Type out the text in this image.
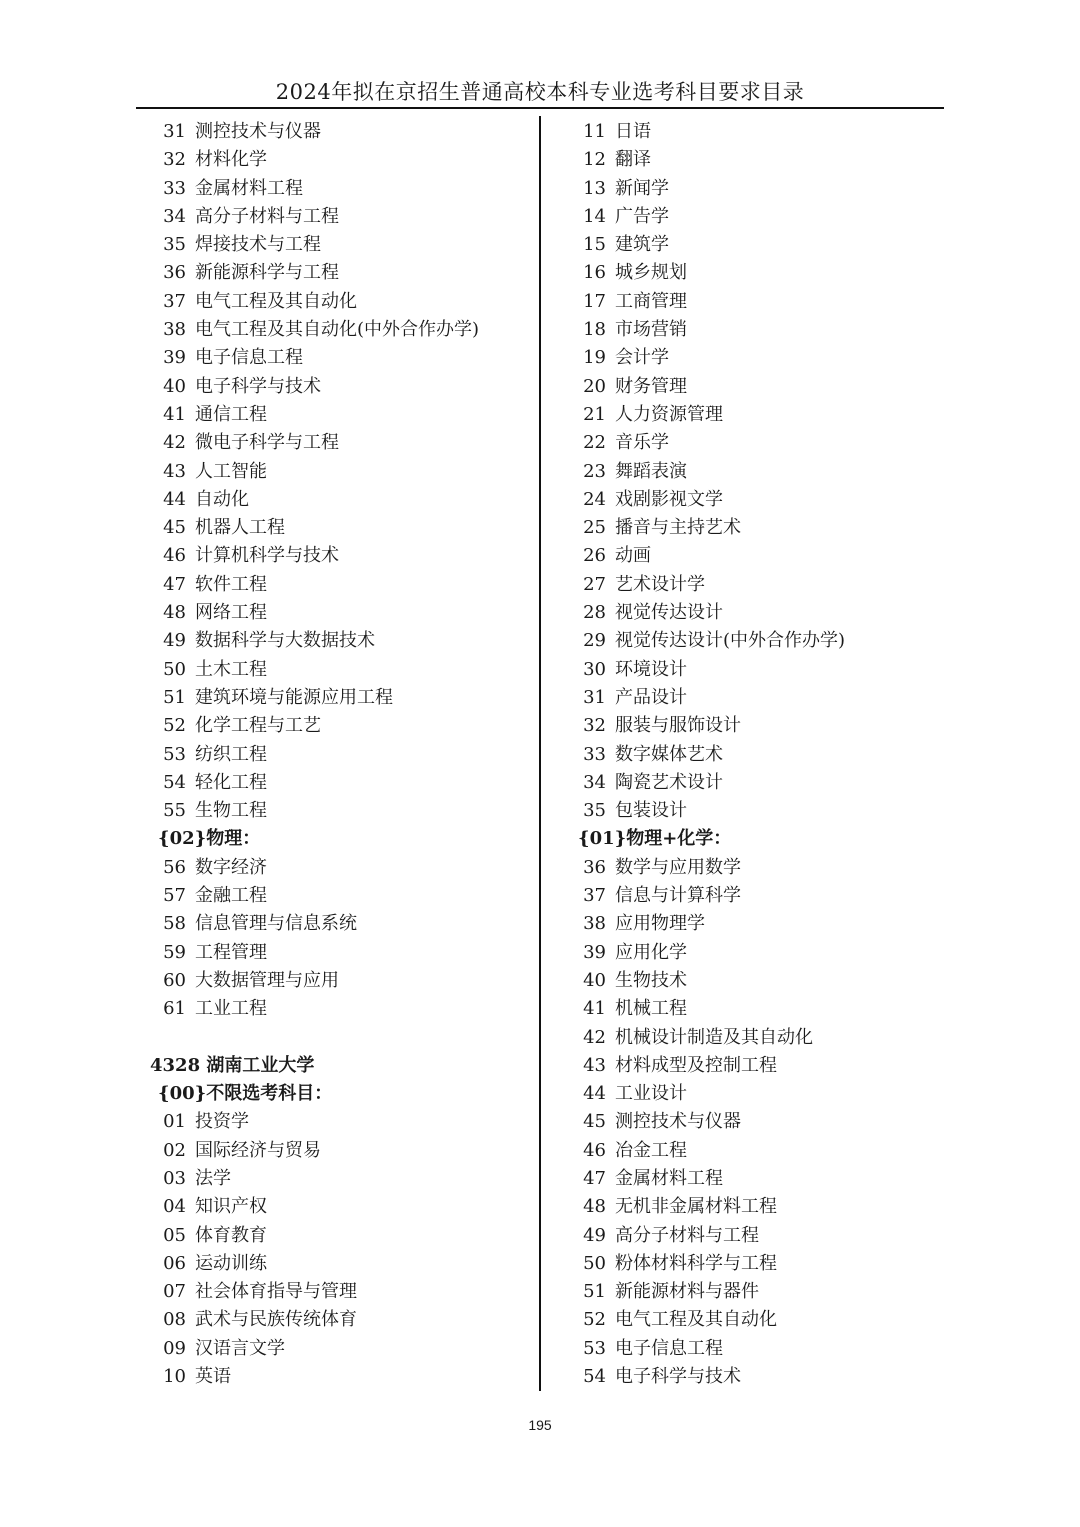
2024年拟在京招生普通高校本科专业选考科目要求目录
31 测控技术与仪器
32 材料化学
33 金属材料工程
34 高分子材料与工程
35 焊接技术与工程
36 新能源科学与工程
37 电气工程及其自动化
38 电气工程及其自动化(中外合作办学)
39 电子信息工程
40 电子科学与技术
41 通信工程
42 微电子科学与工程
43 人工智能
44 自动化
45 机器人工程
46 计算机科学与技术
47 软件工程
48 网络工程
49 数据科学与大数据技术
50 土木工程
51 建筑环境与能源应用工程
52 化学工程与工艺
53 纺织工程
54 轻化工程
55 生物工程
{02}物理：
56 数字经济
57 金融工程
58 信息管理与信息系统
59 工程管理
60 大数据管理与应用
61 工业工程
4328 湖南工业大学
{00}不限选考科目：
01 投资学
02 国际经济与贸易
03 法学
04 知识产权
05 体育教育
06 运动训练
07 社会体育指导与管理
08 武术与民族传统体育
09 汉语言文学
10 英语
11 日语
12 翻译
13 新闻学
14 广告学
15 建筑学
16 城乡规划
17 工商管理
18 市场营销
19 会计学
20 财务管理
21 人力资源管理
22 音乐学
23 舞蹈表演
24 戏剧影视文学
25 播音与主持艺术
26 动画
27 艺术设计学
28 视觉传达设计
29 视觉传达设计(中外合作办学)
30 环境设计
31 产品设计
32 服装与服饰设计
33 数字媒体艺术
34 陶瓷艺术设计
35 包装设计
{01}物理+化学：
36 数学与应用数学
37 信息与计算科学
38 应用物理学
39 应用化学
40 生物技术
41 机械工程
42 机械设计制造及其自动化
43 材料成型及控制工程
44 工业设计
45 测控技术与仪器
46 冶金工程
47 金属材料工程
48 无机非金属材料工程
49 高分子材料与工程
50 粉体材料科学与工程
51 新能源材料与器件
52 电气工程及其自动化
53 电子信息工程
54 电子科学与技术
195
